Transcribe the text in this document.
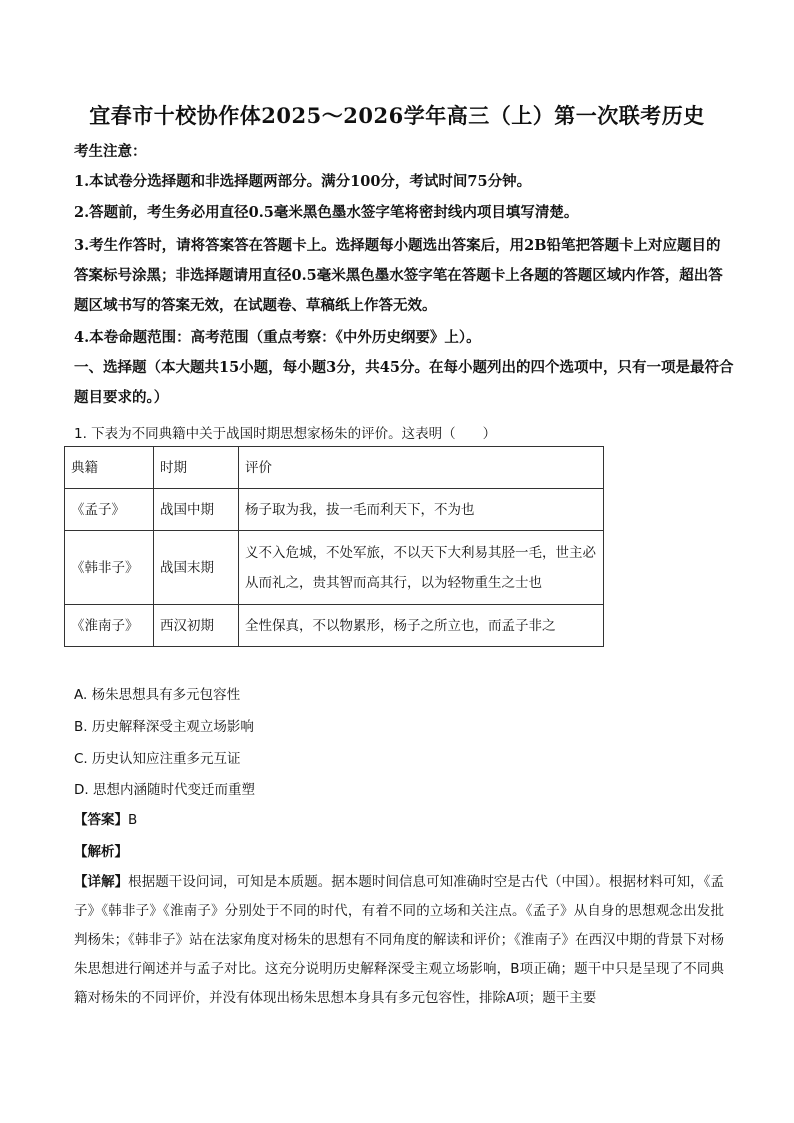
宜春市十校协作体2025～2026学年高三（上）第一次联考历史
考生注意：
1.本试卷分选择题和非选择题两部分。满分100分，考试时间75分钟。
2.答题前，考生务必用直径0.5毫米黑色墨水签字笔将密封线内项目填写清楚。
3.考生作答时，请将答案答在答题卡上。选择题每小题选出答案后，用2B铅笔把答题卡上对应题目的答案标号涂黑；非选择题请用直径0.5毫米黑色墨水签字笔在答题卡上各题的答题区域内作答，超出答题区域书写的答案无效，在试题卷、草稿纸上作答无效。
4.本卷命题范围：高考范围（重点考察：《中外历史纲要》上）。
一、选择题（本大题共15小题，每小题3分，共45分。在每小题列出的四个选项中，只有一项是最符合题目要求的。）
1. 下表为不同典籍中关于战国时期思想家杨朱的评价。这表明（　　）
典籍	时期	评价
《孟子》	战国中期	杨子取为我，拔一毛而利天下，不为也
《韩非子》	战国末期	义不入危城，不处军旅，不以天下大利易其胫一毛，世主必从而礼之，贵其智而高其行，以为轻物重生之士也
《淮南子》	西汉初期	全性保真，不以物累形，杨子之所立也，而孟子非之
A. 杨朱思想具有多元包容性
B. 历史解释深受主观立场影响
C. 历史认知应注重多元互证
D. 思想内涵随时代变迁而重塑
【答案】B
【解析】
【详解】根据题干设问词，可知是本质题。据本题时间信息可知准确时空是古代（中国）。根据材料可知，《孟子》《韩非子》《淮南子》分别处于不同的时代，有着不同的立场和关注点。《孟子》从自身的思想观念出发批判杨朱；《韩非子》站在法家角度对杨朱的思想有不同角度的解读和评价；《淮南子》在西汉中期的背景下对杨朱思想进行阐述并与孟子对比。这充分说明历史解释深受主观立场影响，B项正确；题干中只是呈现了不同典籍对杨朱的不同评价，并没有体现出杨朱思想本身具有多元包容性，排除A项；题干主要
